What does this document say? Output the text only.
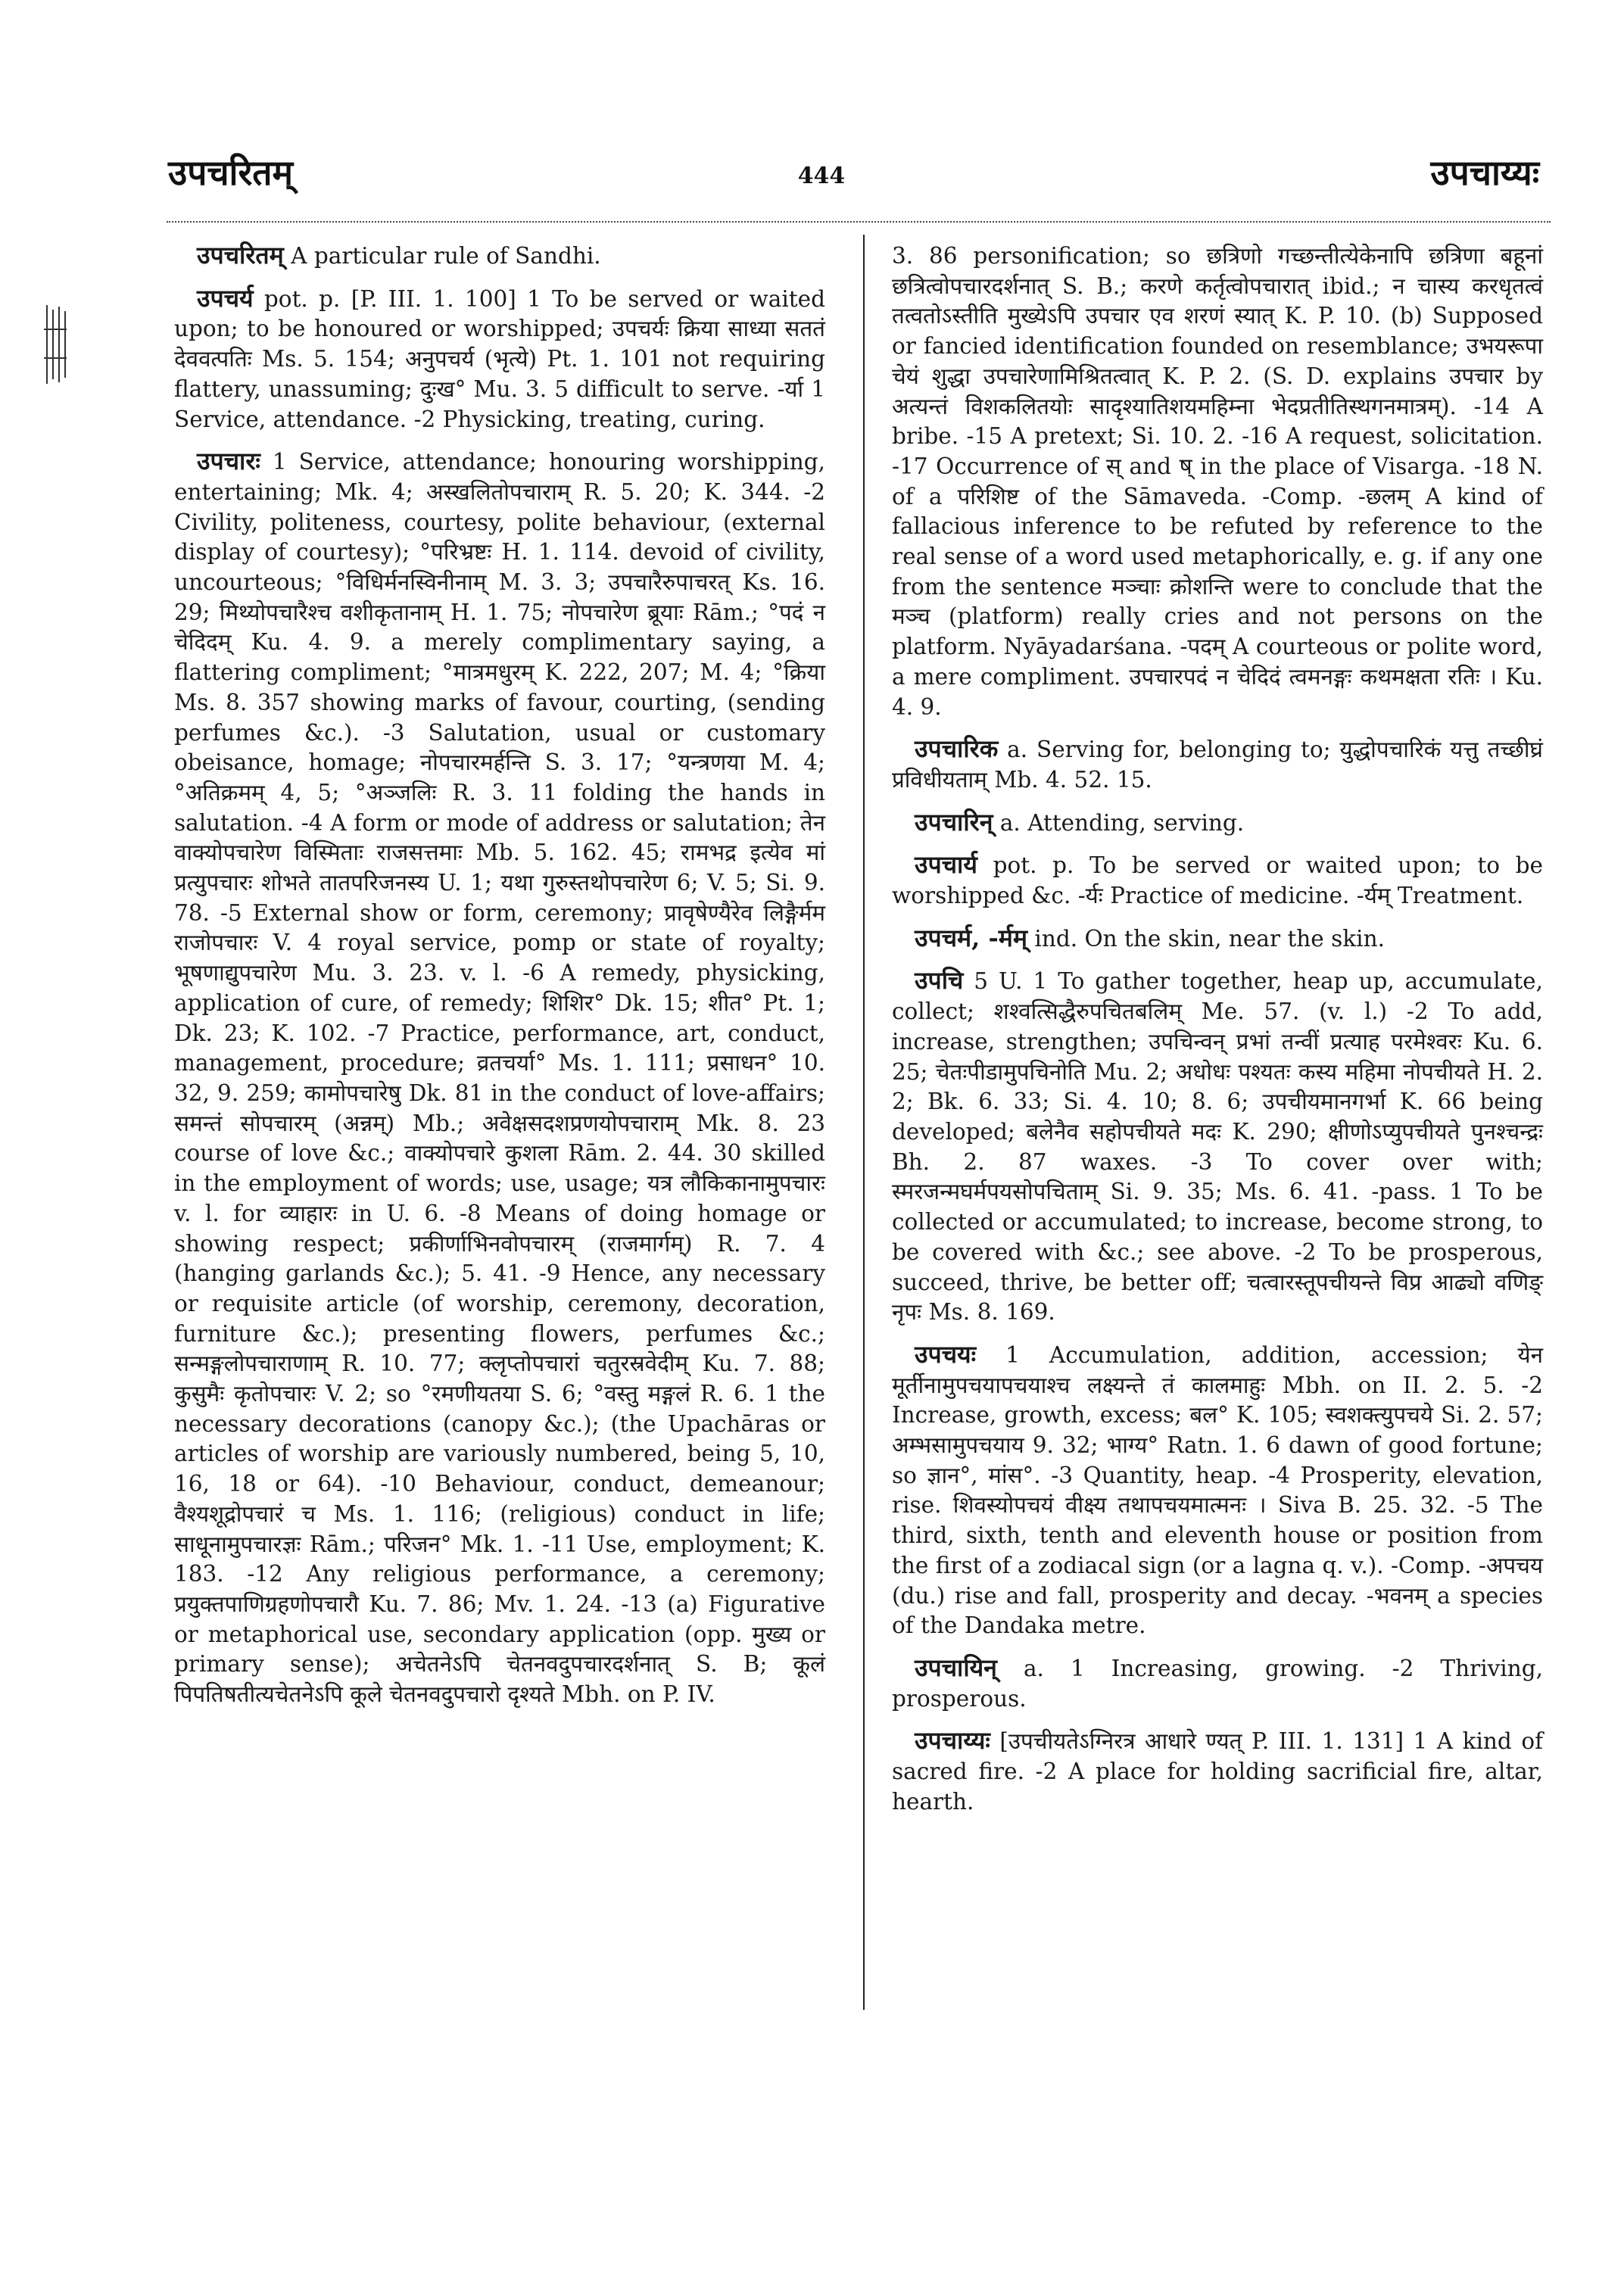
उपचरितम्	444	उपचाय्यः

उपचरितम् A particular rule of Sandhi.

उपचर्य pot. p. [P. III. 1. 100] 1 To be served or waited upon; to be honoured or worshipped; उपचर्यः क्रिया साध्या सततं देववत्पतिः Ms. 5. 154; अनुपचर्य (भृत्ये) Pt. 1. 101 not requiring flattery, unassuming; दुःख° Mu. 3. 5 difficult to serve. -र्या 1 Service, attendance. -2 Physicking, treating, curing.

उपचारः 1 Service, attendance; honouring worshipping, entertaining; Mk. 4; अस्खलितोपचाराम् R. 5. 20; K. 344. -2 Civility, politeness, courtesy, polite behaviour, (external display of courtesy); °परिभ्रष्टः H. 1. 114. devoid of civility, uncourteous; °विधिर्मनस्विनीनाम् M. 3. 3; उपचारैरुपाचरत् Ks. 16. 29; मिथ्योपचारैश्च वशीकृतानाम् H. 1. 75; नोपचारेण ब्रूयाः Rām.; °पदं न चेदिदम् Ku. 4. 9. a merely complimentary saying, a flattering compliment; °मात्रमधुरम् K. 222, 207; M. 4; °क्रिया Ms. 8. 357 showing marks of favour, courting, (sending perfumes &c.). -3 Salutation, usual or customary obeisance, homage; नोपचारमर्हन्ति S. 3. 17; °यन्त्रणया M. 4; °अतिक्रमम् 4, 5; °अञ्जलिः R. 3. 11 folding the hands in salutation. -4 A form or mode of address or salutation; तेन वाक्योपचारेण विस्मिताः राजसत्तमाः Mb. 5. 162. 45; रामभद्र इत्येव मां प्रत्युपचारः शोभते तातपरिजनस्य U. 1; यथा गुरुस्तथोपचारेण 6; V. 5; Si. 9. 78. -5 External show or form, ceremony; प्रावृषेण्यैरेव लिङ्गैर्मम राजोपचारः V. 4 royal service, pomp or state of royalty; भूषणाद्युपचारेण Mu. 3. 23. v. l. -6 A remedy, physicking, application of cure, of remedy; शिशिर° Dk. 15; शीत° Pt. 1; Dk. 23; K. 102. -7 Practice, performance, art, conduct, management, procedure; व्रतचर्या° Ms. 1. 111; प्रसाधन° 10. 32, 9. 259; कामोपचारेषु Dk. 81 in the conduct of love-affairs; समन्तं सोपचारम् (अन्नम्) Mb.; अवेक्षसदशप्रणयोपचाराम् Mk. 8. 23 course of love &c.; वाक्योपचारे कुशला Rām. 2. 44. 30 skilled in the employment of words; use, usage; यत्र लौकिकानामुपचारः v. l. for व्याहारः in U. 6. -8 Means of doing homage or showing respect; प्रकीर्णाभिनवोपचारम् (राजमार्गम्) R. 7. 4 (hanging garlands &c.); 5. 41. -9 Hence, any necessary or requisite article (of worship, ceremony, decoration, furniture &c.); presenting flowers, perfumes &c.; सन्मङ्गलोपचाराणाम् R. 10. 77; क्लृप्तोपचारां चतुरस्रवेदीम् Ku. 7. 88; कुसुमैः कृतोपचारः V. 2; so °रमणीयतया S. 6; °वस्तु मङ्गलं R. 6. 1 the necessary decorations (canopy &c.); (the Upachāras or articles of worship are variously numbered, being 5, 10, 16, 18 or 64). -10 Behaviour, conduct, demeanour; वैश्यशूद्रोपचारं च Ms. 1. 116; (religious) conduct in life; साधूनामुपचारज्ञः Rām.; परिजन° Mk. 1. -11 Use, employment; K. 183. -12 Any religious performance, a ceremony; प्रयुक्तपाणिग्रहणोपचारौ Ku. 7. 86; Mv. 1. 24. -13 (a) Figurative or metaphorical use, secondary application (opp. मुख्य or primary sense); अचेतनेऽपि चेतनवदुपचारदर्शनात् S. B; कूलं पिपतिषतीत्यचेतनेऽपि कूले चेतनवदुपचारो दृश्यते Mbh. on P. IV.

3. 86 personification; so छत्रिणो गच्छन्तीत्येकेनापि छत्रिणा बहूनां छत्रित्वोपचारदर्शनात् S. B.; करणे कर्तृत्वोपचारात् ibid.; न चास्य करधृतत्वं तत्वतोऽस्तीति मुख्येऽपि उपचार एव शरणं स्यात् K. P. 10. (b) Supposed or fancied identification founded on resemblance; उभयरूपा चेयं शुद्धा उपचारेणामिश्रितत्वात् K. P. 2. (S. D. explains उपचार by अत्यन्तं विशकलितयोः सादृश्यातिशयमहिम्ना भेदप्रतीतिस्थगनमात्रम्). -14 A bribe. -15 A pretext; Si. 10. 2. -16 A request, solicitation. -17 Occurrence of स् and ष् in the place of Visarga. -18 N. of a परिशिष्ट of the Sāmaveda. -Comp. -छलम् A kind of fallacious inference to be refuted by reference to the real sense of a word used metaphorically, e. g. if any one from the sentence मञ्चाः क्रोशन्ति were to conclude that the मञ्च (platform) really cries and not persons on the platform. Nyāyadarśana. -पदम् A courteous or polite word, a mere compliment. उपचारपदं न चेदिदं त्वमनङ्गः कथमक्षता रतिः । Ku. 4. 9.

उपचारिक a. Serving for, belonging to; युद्धोपचारिकं यत्तु तच्छीघ्रं प्रविधीयताम् Mb. 4. 52. 15.

उपचारिन् a. Attending, serving.

उपचार्य pot. p. To be served or waited upon; to be worshipped &c. -र्यः Practice of medicine. -र्यम् Treatment.

उपचर्म, -र्मम् ind. On the skin, near the skin.

उपचि 5 U. 1 To gather together, heap up, accumulate, collect; शश्वत्सिद्धैरुपचितबलिम् Me. 57. (v. l.) -2 To add, increase, strengthen; उपचिन्वन् प्रभां तन्वीं प्रत्याह परमेश्वरः Ku. 6. 25; चेतःपीडामुपचिनोति Mu. 2; अधोधः पश्यतः कस्य महिमा नोपचीयते H. 2. 2; Bk. 6. 33; Si. 4. 10; 8. 6; उपचीयमानगर्भा K. 66 being developed; बलेनैव सहोपचीयते मदः K. 290; क्षीणोऽप्युपचीयते पुनश्चन्द्रः Bh. 2. 87 waxes. -3 To cover over with; स्मरजन्मघर्मपयसोपचिताम् Si. 9. 35; Ms. 6. 41. -pass. 1 To be collected or accumulated; to increase, become strong, to be covered with &c.; see above. -2 To be prosperous, succeed, thrive, be better off; चत्वारस्तूपचीयन्ते विप्र आढ्यो वणिङ् नृपः Ms. 8. 169.

उपचयः 1 Accumulation, addition, accession; येन मूर्तीनामुपचयापचयाश्च लक्ष्यन्ते तं कालमाहुः Mbh. on II. 2. 5. -2 Increase, growth, excess; बल° K. 105; स्वशक्त्युपचये Si. 2. 57; अम्भसामुपचयाय 9. 32; भाग्य° Ratn. 1. 6 dawn of good fortune; so ज्ञान°, मांस°. -3 Quantity, heap. -4 Prosperity, elevation, rise. शिवस्योपचयं वीक्ष्य तथापचयमात्मनः । Siva B. 25. 32. -5 The third, sixth, tenth and eleventh house or position from the first of a zodiacal sign (or a lagna q. v.). -Comp. -अपचय (du.) rise and fall, prosperity and decay. -भवनम् a species of the Dandaka metre.

उपचायिन् a. 1 Increasing, growing. -2 Thriving, prosperous.

उपचाय्यः [उपचीयतेऽग्निरत्र आधारे ण्यत् P. III. 1. 131] 1 A kind of sacred fire. -2 A place for holding sacrificial fire, altar, hearth.
